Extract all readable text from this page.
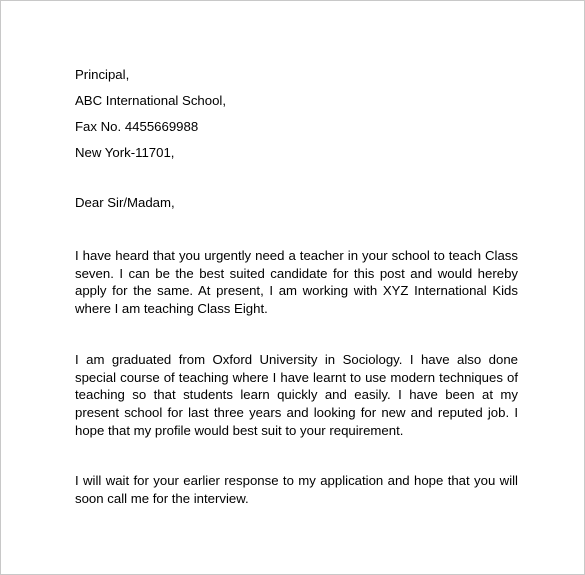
Principal,
ABC International School,
Fax No. 4455669988
New York-11701,
Dear Sir/Madam,

I have heard that you urgently need a teacher in your school to teach Class seven. I can be the best suited candidate for this post and would hereby apply for the same. At present, I am working with XYZ International Kids where I am teaching Class Eight.

I am graduated from Oxford University in Sociology. I have also done special course of teaching where I have learnt to use modern techniques of teaching so that students learn quickly and easily. I have been at my present school for last three years and looking for new and reputed job. I hope that my profile would best suit to your requirement.

I will wait for your earlier response to my application and hope that you will soon call me for the interview.
